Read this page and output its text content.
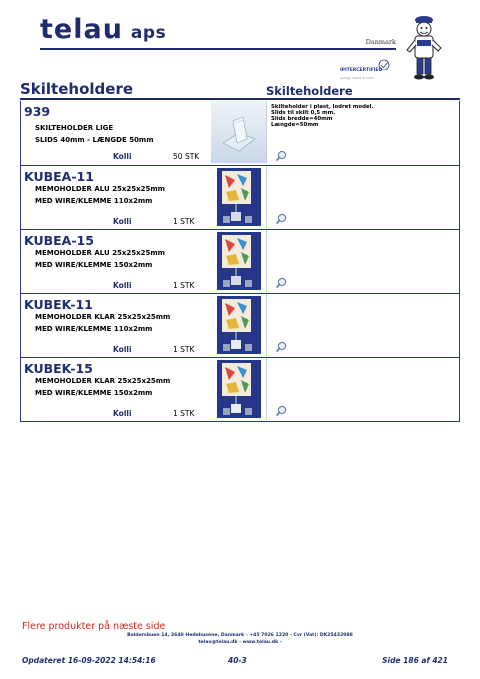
telau aps	Danmark
IPITERCERTIFIED
Gyldigt i 2022 til 2023
Skilteholdere	Skilteholdere
939
SKILTEHOLDER LIGE
SLIDS 40mm - LÆNGDE 50mm
Kolli	50 STK
Skilteholder i plast, lodret model.
Slids til skilt 0,5 mm.
Slids bredde=40mm
Længde=50mm
KUBEA-11
MEMOHOLDER ALU 25x25x25mm
MED WIRE/KLEMME 110x2mm
Kolli	1 STK
KUBEA-15
MEMOHOLDER ALU 25x25x25mm
MED WIRE/KLEMME 150x2mm
Kolli	1 STK
KUBEK-11
MEMOHOLDER KLAR 25x25x25mm
MED WIRE/KLEMME 110x2mm
Kolli	1 STK
KUBEK-15
MEMOHOLDER KLAR 25x25x25mm
MED WIRE/KLEMME 150x2mm
Kolli	1 STK
Flere produkter på næste side
Baldersbuen 14, 2640 Hedehusene, Danmark - +45 7026 1220 - Cvr (Vat): DK25432088
telau@telau.dk - www.telau.dk -
Opdateret 16-09-2022 14:54:16	40-3	Side 186 af 421
